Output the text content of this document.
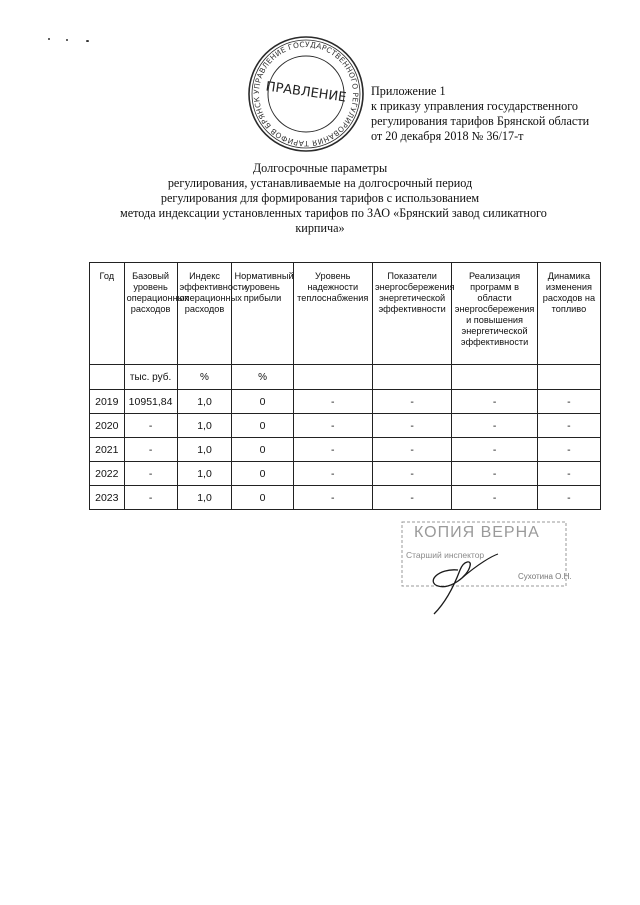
УПРАВЛЕНИЕ ГОСУДАРСТВЕННОГО РЕГУЛИРОВАНИЯ ТАРИФОВ БРЯНСК ПРАВЛЕНИЕ Приложение 1
к приказу управления государственного
регулирования тарифов Брянской области
от 20 декабря 2018 № 36/17-т
Долгосрочные параметры
регулирования, устанавливаемые на долгосрочный период
регулирования для формирования тарифов с использованием
метода индексации установленных тарифов по ЗАО «Брянский завод силикатного
кирпича»
Год	Базовый уровень операционных расходов	Индекс эффективности операционных расходов	Нормативный уровень прибыли	Уровень надежности теплоснабжения	Показатели энергосбережения энергетической эффективности	Реализация программ в области энергосбережения и повышения энергетической эффективности	Динамика изменения расходов на топливо
	тыс. руб.	%	%				
2019	10951,84	1,0	0	-	-	-	-
2020	-	1,0	0	-	-	-	-
2021	-	1,0	0	-	-	-	-
2022	-	1,0	0	-	-	-	-
2023	-	1,0	0	-	-	-	-
КОПИЯ ВЕРНА
Старший инспектор
Сухотина О.Н.
